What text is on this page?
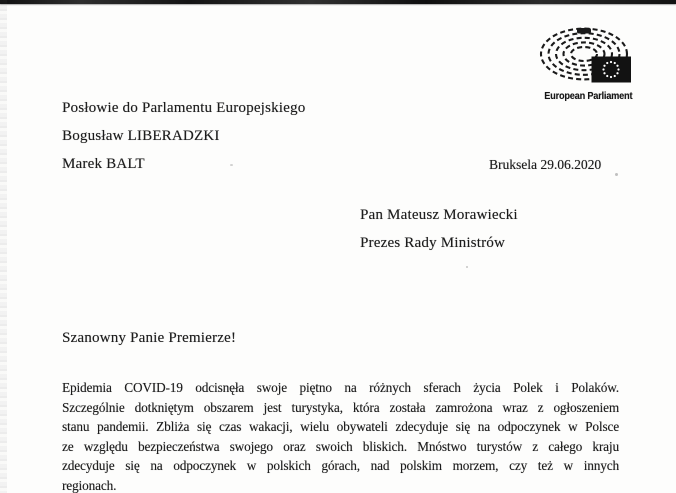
European Parliament
Posłowie do Parlamentu Europejskiego
Bogusław LIBERADZKI
Marek BALT	Bruksela 29.06.2020
Pan Mateusz Morawiecki
Prezes Rady Ministrów
Szanowny Panie Premierze!
Epidemia COVID-19 odcisnęła swoje piętno na różnych sferach życia Polek i Polaków.
Szczególnie dotkniętym obszarem jest turystyka, która została zamrożona wraz z ogłoszeniem
stanu pandemii. Zbliża się czas wakacji, wielu obywateli zdecyduje się na odpoczynek w Polsce
ze względu bezpieczeństwa swojego oraz swoich bliskich. Mnóstwo turystów z całego kraju
zdecyduje się na odpoczynek w polskich górach, nad polskim morzem, czy też w innych
regionach.
